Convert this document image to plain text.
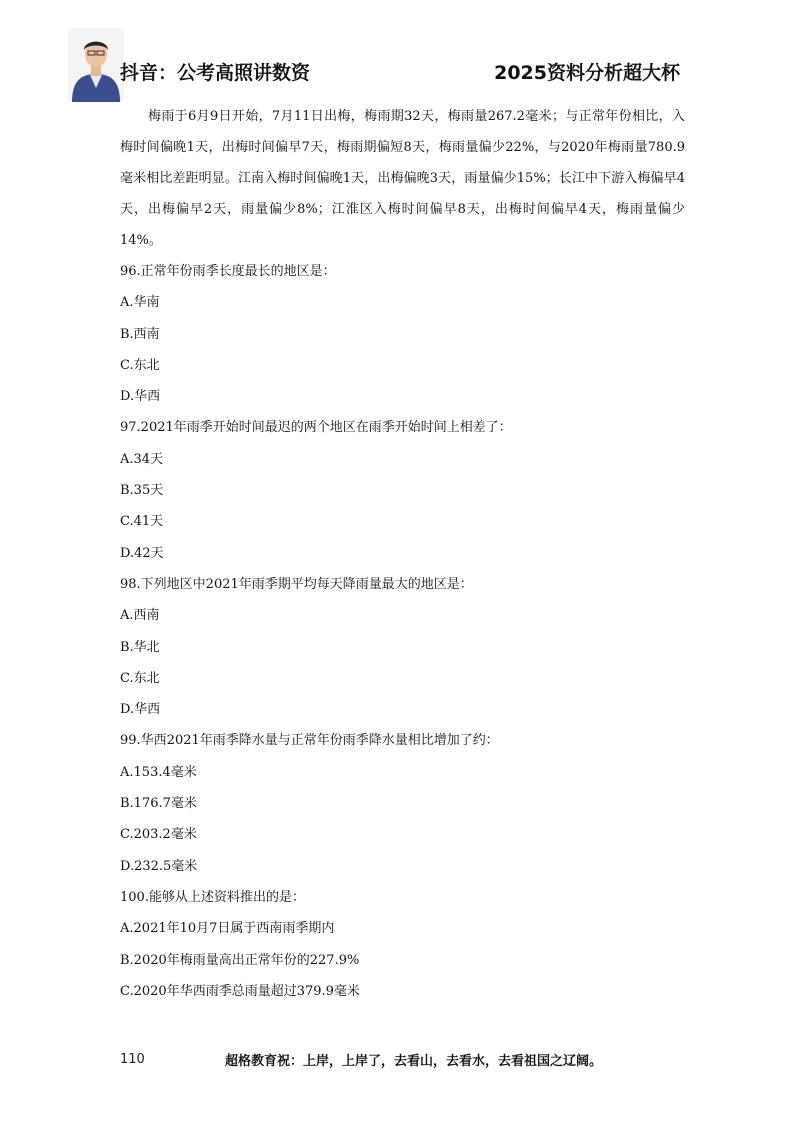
抖音：公考高照讲数资	2025资料分析超大杯

梅雨于6月9日开始，7月11日出梅，梅雨期32天，梅雨量267.2毫米；与正常年份相比，入梅时间偏晚1天，出梅时间偏早7天，梅雨期偏短8天，梅雨量偏少22%，与2020年梅雨量780.9毫米相比差距明显。江南入梅时间偏晚1天，出梅偏晚3天，雨量偏少15%；长江中下游入梅偏早4天，出梅偏早2天，雨量偏少8%；江淮区入梅时间偏早8天，出梅时间偏早4天，梅雨量偏少14%。

96.正常年份雨季长度最长的地区是：
A.华南
B.西南
C.东北
D.华西
97.2021年雨季开始时间最迟的两个地区在雨季开始时间上相差了：
A.34天
B.35天
C.41天
D.42天
98.下列地区中2021年雨季期平均每天降雨量最大的地区是：
A.西南
B.华北
C.东北
D.华西
99.华西2021年雨季降水量与正常年份雨季降水量相比增加了约：
A.153.4毫米
B.176.7毫米
C.203.2毫米
D.232.5毫米
100.能够从上述资料推出的是：
A.2021年10月7日属于西南雨季期内
B.2020年梅雨量高出正常年份的227.9%
C.2020年华西雨季总雨量超过379.9毫米
110	超格教育祝：上岸，上岸了，去看山，去看水，去看祖国之辽阔。
